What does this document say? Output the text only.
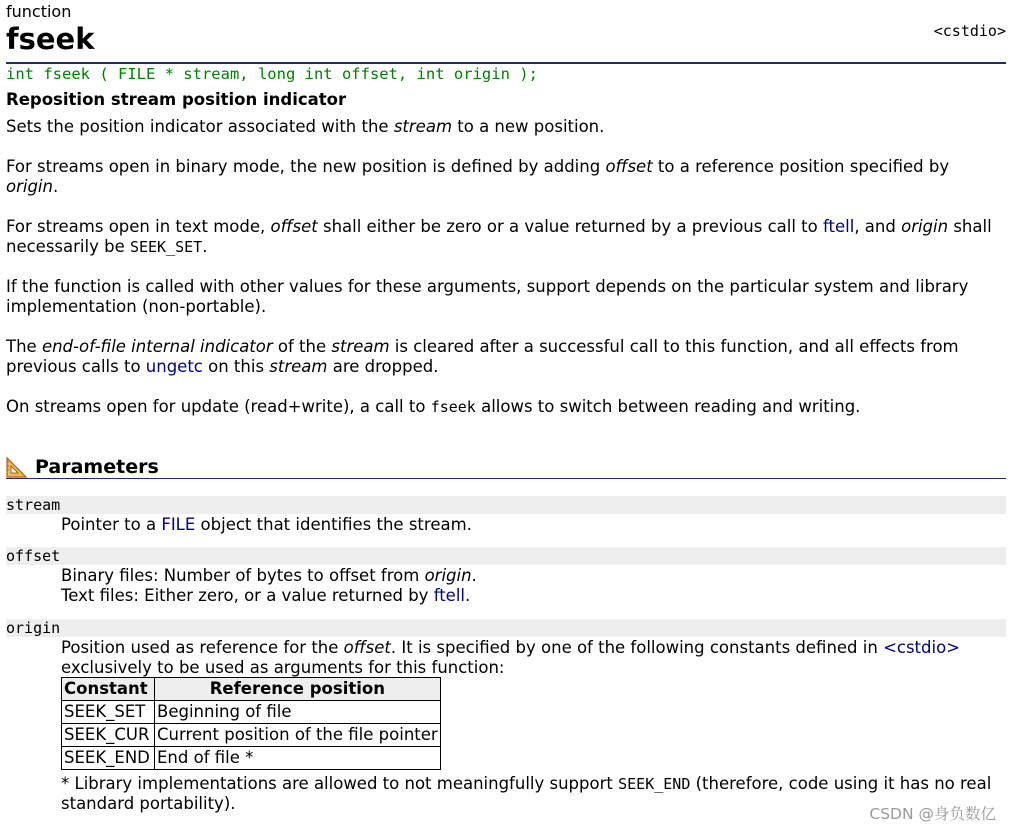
function
fseek	<cstdio>
int fseek ( FILE * stream, long int offset, int origin );
Reposition stream position indicator
Sets the position indicator associated with the stream to a new position.
For streams open in binary mode, the new position is defined by adding offset to a reference position specified by origin.
For streams open in text mode, offset shall either be zero or a value returned by a previous call to ftell, and origin shall necessarily be SEEK_SET.
If the function is called with other values for these arguments, support depends on the particular system and library implementation (non-portable).
The end-of-file internal indicator of the stream is cleared after a successful call to this function, and all effects from previous calls to ungetc on this stream are dropped.
On streams open for update (read+write), a call to fseek allows to switch between reading and writing.
Parameters
stream
Pointer to a FILE object that identifies the stream.
offset
Binary files: Number of bytes to offset from origin.
Text files: Either zero, or a value returned by ftell.
origin
Position used as reference for the offset. It is specified by one of the following constants defined in <cstdio> exclusively to be used as arguments for this function:
Constant	Reference position
SEEK_SET	Beginning of file
SEEK_CUR	Current position of the file pointer
SEEK_END	End of file *
* Library implementations are allowed to not meaningfully support SEEK_END (therefore, code using it has no real standard portability).
CSDN @身负数亿
